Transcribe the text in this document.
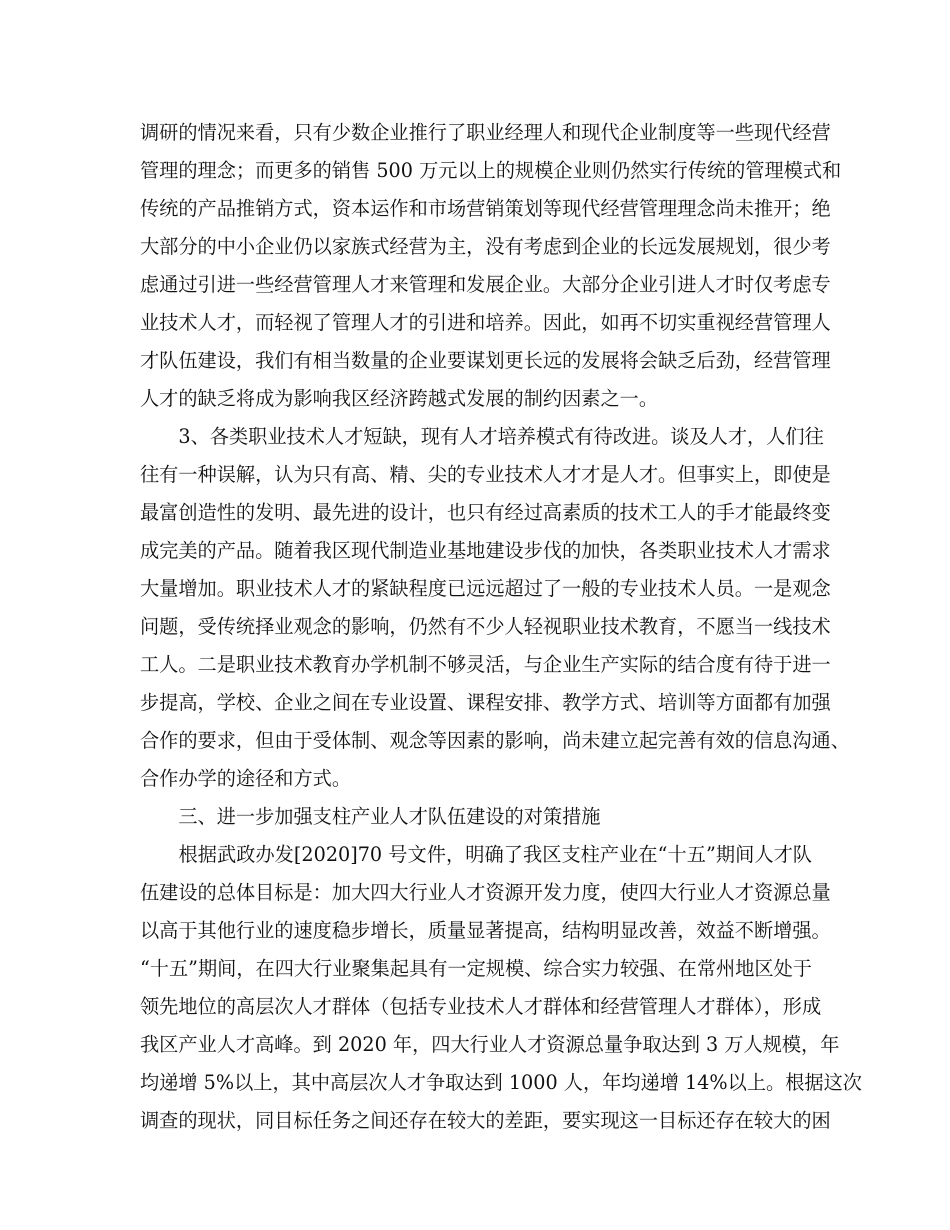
调研的情况来看，只有少数企业推行了职业经理人和现代企业制度等一些现代经营
管理的理念；而更多的销售 500 万元以上的规模企业则仍然实行传统的管理模式和
传统的产品推销方式，资本运作和市场营销策划等现代经营管理理念尚未推开；绝
大部分的中小企业仍以家族式经营为主，没有考虑到企业的长远发展规划，很少考
虑通过引进一些经营管理人才来管理和发展企业。大部分企业引进人才时仅考虑专
业技术人才，而轻视了管理人才的引进和培养。因此，如再不切实重视经营管理人
才队伍建设，我们有相当数量的企业要谋划更长远的发展将会缺乏后劲，经营管理
人才的缺乏将成为影响我区经济跨越式发展的制约因素之一。
　　3、各类职业技术人才短缺，现有人才培养模式有待改进。谈及人才，人们往
往有一种误解，认为只有高、精、尖的专业技术人才才是人才。但事实上，即使是
最富创造性的发明、最先进的设计，也只有经过高素质的技术工人的手才能最终变
成完美的产品。随着我区现代制造业基地建设步伐的加快，各类职业技术人才需求
大量增加。职业技术人才的紧缺程度已远远超过了一般的专业技术人员。一是观念
问题，受传统择业观念的影响，仍然有不少人轻视职业技术教育，不愿当一线技术
工人。二是职业技术教育办学机制不够灵活，与企业生产实际的结合度有待于进一
步提高，学校、企业之间在专业设置、课程安排、教学方式、培训等方面都有加强
合作的要求，但由于受体制、观念等因素的影响，尚未建立起完善有效的信息沟通、
合作办学的途径和方式。
　　三、进一步加强支柱产业人才队伍建设的对策措施
　　根据武政办发[2020]70 号文件，明确了我区支柱产业在“十五”期间人才队
伍建设的总体目标是：加大四大行业人才资源开发力度，使四大行业人才资源总量
以高于其他行业的速度稳步增长，质量显著提高，结构明显改善，效益不断增强。
“十五”期间，在四大行业聚集起具有一定规模、综合实力较强、在常州地区处于
领先地位的高层次人才群体（包括专业技术人才群体和经营管理人才群体），形成
我区产业人才高峰。到 2020 年，四大行业人才资源总量争取达到 3 万人规模，年
均递增 5%以上，其中高层次人才争取达到 1000 人，年均递增 14%以上。根据这次
调查的现状，同目标任务之间还存在较大的差距，要实现这一目标还存在较大的困
